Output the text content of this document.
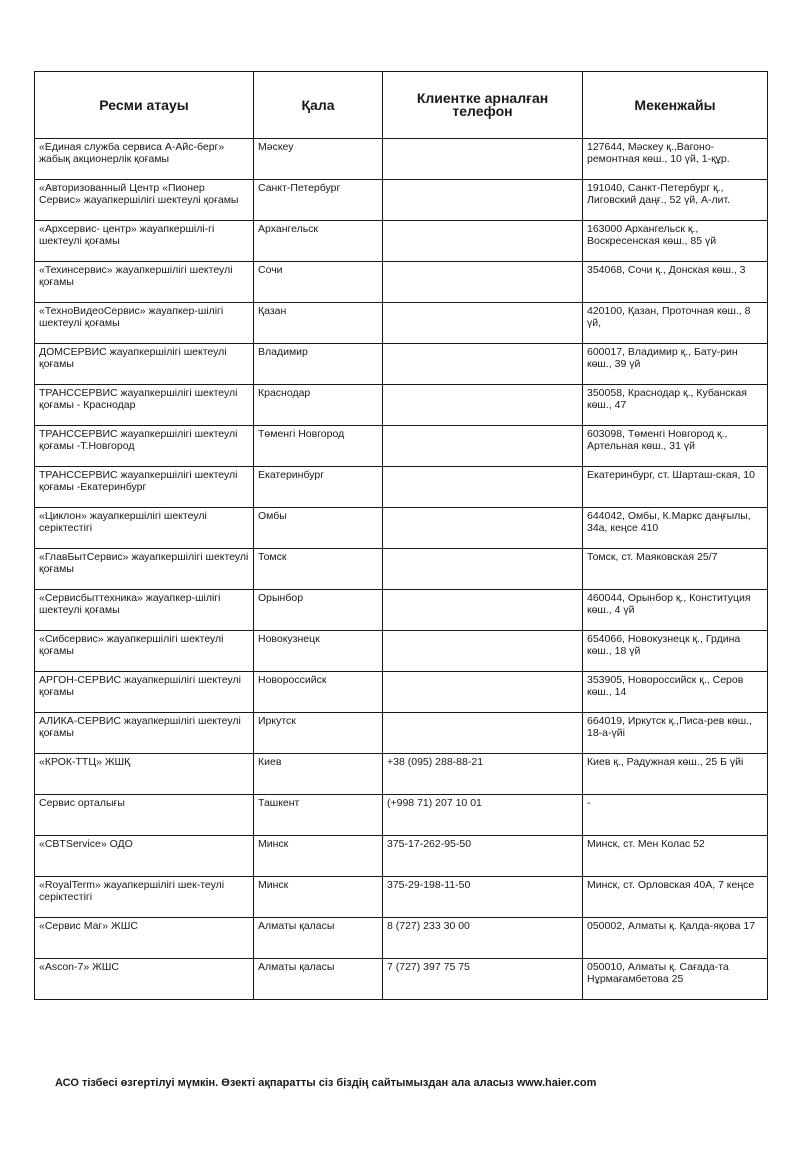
Ресми атауы	Қала	Клиентке арналған телефон	Мекенжайы
«Единая служба сервиса А-Айс-берг» жабық акционерлік қоғамы	Мәскеу		127644, Мәскеу қ.,Вагоно-ремонтная көш., 10 үй, 1-құр.
«Авторизованный Центр «Пионер Сервис» жауапкершілігі шектеулі қоғамы	Санкт-Петербург		191040, Санкт-Петербург қ., Лиговский даңғ., 52 үй, А-лит.
«Архсервис- центр» жауапкершілі-гі шектеулі қоғамы	Архангельск		163000 Архангельск қ., Воскресенская көш., 85 үй
«Техинсервис» жауапкершілігі шектеулі қоғамы	Сочи		354068, Сочи қ., Донская көш., 3
«ТехноВидеоСервис» жауапкер-шілігі шектеулі қоғамы	Қазан		420100, Қазан, Проточная көш., 8 үй,
ДОМСЕРВИС жауапкершілігі шектеулі қоғамы	Владимир		600017, Владимир қ., Бату-рин көш., 39 үй
ТРАНССЕРВИС жауапкершілігі шектеулі қоғамы - Краснодар	Краснодар		350058, Краснодар қ., Кубанская көш., 47
ТРАНССЕРВИС жауапкершілігі шектеулі қоғамы -Т.Новгород	Төменгі Новгород		603098, Төменгі Новгород қ., Артельная көш., 31 үй
ТРАНССЕРВИС жауапкершілігі шектеулі қоғамы -Екатеринбург	Екатеринбург		Екатеринбург, ст. Шарташ-ская, 10
«Циклон» жауапкершілігі шектеулі серіктестігі	Омбы		644042, Омбы, К.Маркс даңғылы, 34а, кеңсе 410
«ГлавБытСервис» жауапкершілігі шектеулі қоғамы	Томск		Томск, ст. Маяковская 25/7
«Сервисбыттехника» жауапкер-шілігі шектеулі қоғамы	Орынбор		460044, Орынбор қ., Конституция көш., 4 үй
«Сибсервис» жауапкершілігі шектеулі қоғамы	Новокузнецк		654066, Новокузнецк қ., Грдина көш., 18 үй
АРГОН-СЕРВИС жауапкершілігі шектеулі қоғамы	Новороссийск		353905, Новороссийск қ., Серов көш., 14
АЛИКА-СЕРВИС жауапкершілігі шектеулі қоғамы	Иркутск		664019, Иркутск қ.,Писа-рев көш., 18-а-үйі
«КРОК-ТТЦ» ЖШҚ	Киев	+38 (095) 288-88-21	Киев қ., Радужная көш., 25 Б үйі
Сервис орталығы	Ташкент	(+998 71) 207 10 01	-
«CBTService» ОДО	Минск	375-17-262-95-50	Минск, ст. Мен Колас 52
«RoyalTerm» жауапкершілігі шек-теулі серіктестігі	Минск	375-29-198-11-50	Минск, ст. Орловская 40А, 7 кеңсе
«Сервис Маг» ЖШС	Алматы қаласы	8 (727) 233 30 00	050002, Алматы қ. Қалда-яқова 17
«Ascon-7» ЖШС	Алматы қаласы	7 (727) 397 75 75	050010, Алматы қ. Сағада-та Нұрмағамбетова 25
АСО тізбесі өзгертілуі мүмкін. Өзекті ақпаратты сіз біздің сайтымыздан ала аласыз www.haier.com
